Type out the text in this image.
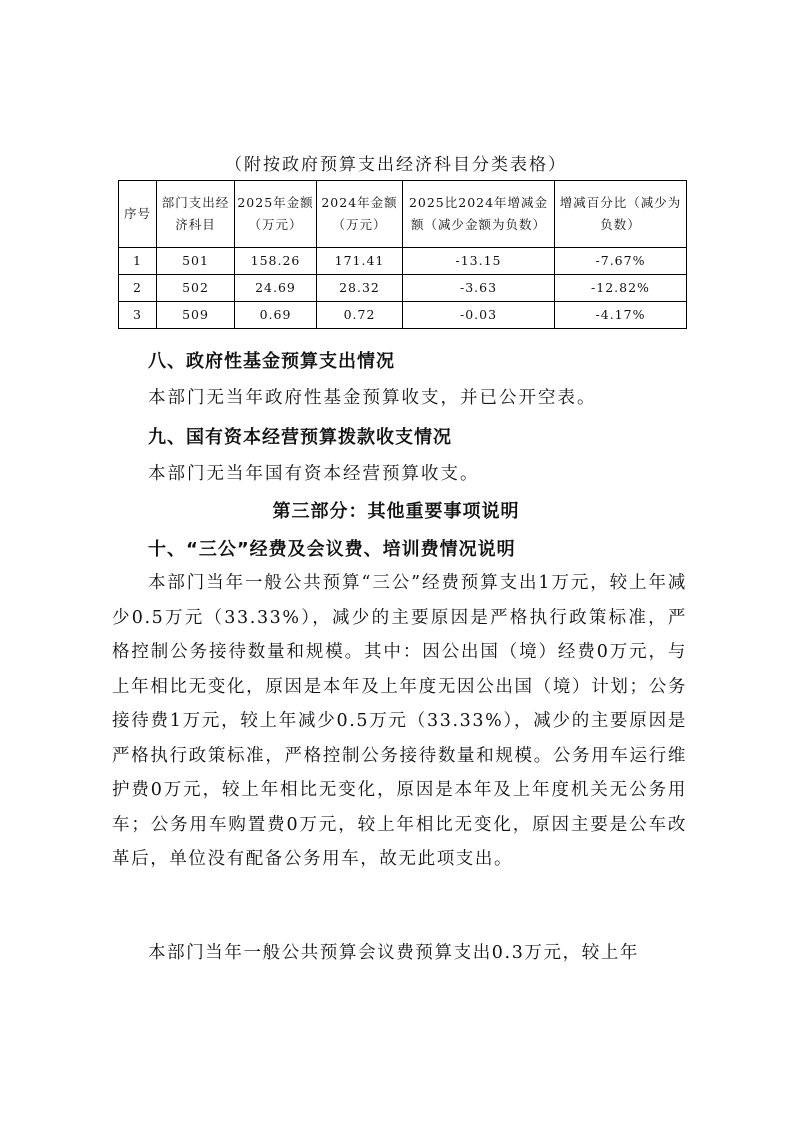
（附按政府预算支出经济科目分类表格）
序号	部门支出经济科目	2025年金额（万元）	2024年金额（万元）	2025比2024年增减金额（减少金额为负数）	增减百分比（减少为负数）
1	501	158.26	171.41	-13.15	-7.67%
2	502	24.69	28.32	-3.63	-12.82%
3	509	0.69	0.72	-0.03	-4.17%
八、政府性基金预算支出情况
本部门无当年政府性基金预算收支，并已公开空表。
九、国有资本经营预算拨款收支情况
本部门无当年国有资本经营预算收支。
第三部分：其他重要事项说明
十、“三公”经费及会议费、培训费情况说明
本部门当年一般公共预算“三公”经费预算支出1万元，较上年减少0.5万元（33.33%），减少的主要原因是严格执行政策标准，严格控制公务接待数量和规模。其中：因公出国（境）经费0万元，与上年相比无变化，原因是本年及上年度无因公出国（境）计划；公务接待费1万元，较上年减少0.5万元（33.33%），减少的主要原因是严格执行政策标准，严格控制公务接待数量和规模。公务用车运行维护费0万元，较上年相比无变化，原因是本年及上年度机关无公务用车；公务用车购置费0万元，较上年相比无变化，原因主要是公车改革后，单位没有配备公务用车，故无此项支出。
本部门当年一般公共预算会议费预算支出0.3万元，较上年
